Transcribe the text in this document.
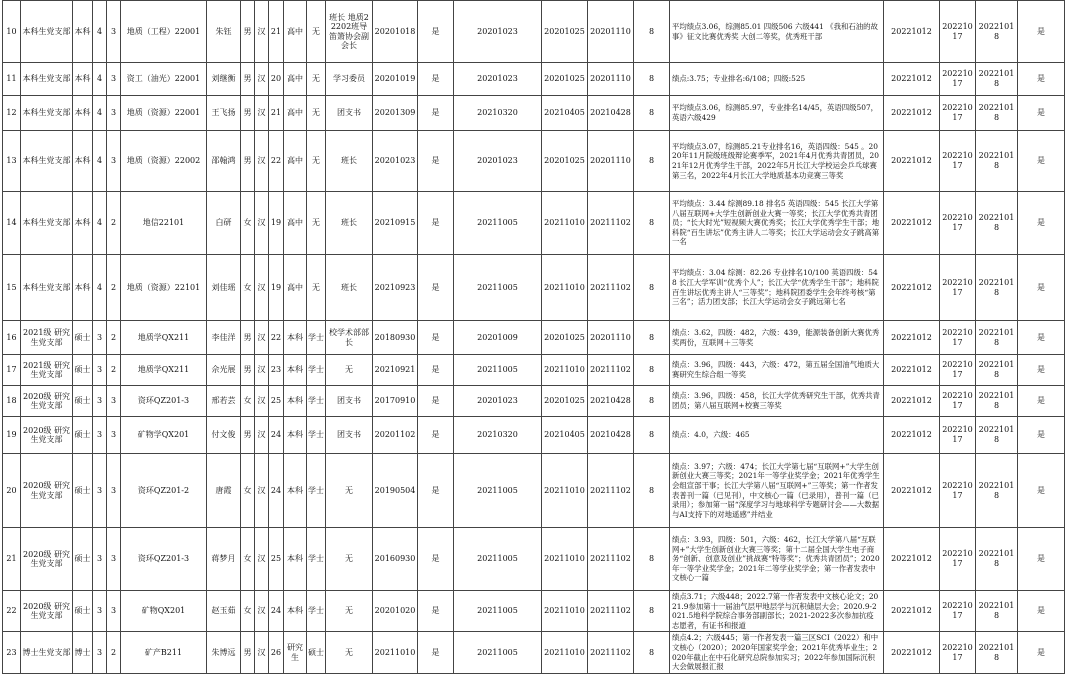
10	本科生党支部	本科	4	3	地质（工程）22001	朱钰	男	汉	21	高中	无	班长 地质22202班导 笛箫协会副会长	20201018	是	20201023	20201025	20201110	8	平均绩点3.06，综测85.01 四级506 六级441 《我和石油的故事》征文比赛优秀奖 大创二等奖，优秀班干部	20221012	20221017	20221018	是
11	本科生党支部	本科	4	3	资工（油光）22001	刘继衡	男	汉	20	高中	无	学习委员	20201019	是	20201023	20201025	20201110	8	绩点:3.75；专业排名:6/108；四级:525	20221012	20221017	20221018	是
12	本科生党支部	本科	4	3	地质（资源）22001	王飞扬	男	汉	21	高中	无	团支书	20201309	是	20210320	20210405	20210428	8	平均绩点3.06，综测85.97，专业排名14/45，英语四级507，英语六级429	20221012	20221017	20221018	是
13	本科生党支部	本科	4	3	地质（资源）22002	邵翰鸿	男	汉	22	高中	无	班长	20201023	是	20201023	20201025	20201110	8	平均绩点3.07，综测85.21专业排名16，英语四级：545 。2020年11月院级班级辩论赛季军，2021年4月优秀共青团员，2021年12月优秀学生干部，2022年5月长江大学校运会乒乓球赛第三名，2022年4月长江大学地质基本功竞赛三等奖	20221012	20221017	20221018	是
14	本科生党支部	本科	4	2	地信22101	白研	女	汉	19	高中	无	班长	20210915	是	20211005	20211010	20211102	8	平均绩点：3.44 综测89.18 排名5 英语四级：545 长江大学第八届互联网+大学生创新创业大赛一等奖；长江大学优秀共青团员；“长大时光”短视频大赛优秀奖；长江大学优秀学生干部；地科院“百生讲坛”优秀主讲人二等奖；长江大学运动会女子跳高第一名	20221012	20221017	20221018	是
15	本科生党支部	本科	4	2	地质（资源）22101	刘佳瑶	女	汉	19	高中	无	班长	20210923	是	20211005	20211010	20211102	8	平均绩点：3.04 综测：82.26 专业排名10/100 英语四级：548 长江大学军训“优秀个人”；长江大学“优秀学生干部”；地科院百生讲坛优秀主讲人“三等奖”；地科院团委学生会年终考核“第三名”；活力团支部；长江大学运动会女子跳远第七名	20221012	20221017	20221018	是
16	2021级 研究生党支部	硕士	3	2	地质学QX211	李佳洋	男	汉	22	本科	学士	校学术部部长	20180930	是	20201009	20201025	20201110	8	绩点：3.62，四级：482，六级：439，能源装备创新大赛优秀奖两份，互联网＋三等奖	20221012	20221017	20221018	是
17	2021级 研究生党支部	硕士	3	2	地质学QX211	佘光展	男	汉	23	本科	学士	无	20210921	是	20211005	20211010	20211102	8	绩点：3.96，四级：443，六级：472，第五届全国油气地质大赛研究生综合组一等奖	20221012	20221017	20221018	是
18	2020级 研究生党支部	硕士	3	3	资环QZ201-3	邢若芸	女	汉	25	本科	学士	团支书	20170910	是	20201023	20201025	20210428	8	绩点：3.96，四级：458，长江大学优秀研究生干部，优秀共青团员；第八届互联网+校赛三等奖	20221012	20221017	20221018	是
19	2020级 研究生党支部	硕士	3	3	矿物学QX201	付文俊	男	汉	24	本科	学士	团支书	20201102	是	20210320	20210405	20210428	8	绩点：4.0，六级：465	20221012	20221017	20221018	是
20	2020级 研究生党支部	硕士	3	3	资环QZ201-2	唐霞	女	汉	24	本科	学士	无	20190504	是	20211005	20211010	20211102	8	绩点：3.97；六级：474；长江大学第七届“互联网+”大学生创新创业大赛三等奖；2021年一等学业奖学金；2021年优秀学生会组宣部干事；长江大学第八届“互联网+”三等奖；第一作者发表普刊一篇（已见刊），中文核心一篇（已录用），普刊一篇（已录用）；参加第一届“深度学习与地球科学专题研讨会——大数据与AI支持下的对地遥感”并结业	20221012	20221017	20221018	是
21	2020级 研究生党支部	硕士	3	3	资环QZ201-3	蒋梦月	女	汉	25	本科	学士	无	20160930	是	20211005	20211010	20211102	8	绩点：3.93，四级：501，六级：462，长江大学第八届“互联网+”大学生创新创业大赛三等奖；第十二届全国大学生电子商务“创新、创意及创业”挑战赛“特等奖”；优秀共青团员”；2020年一等学业奖学金；2021年二等学业奖学金；第一作者发表中文核心一篇	20221012	20221017	20221018	是
22	2020级 研究生党支部	硕士	3	3	矿物QX201	赵玉茹	女	汉	24	本科	学士	无	20201020	是	20211005	20211010	20211102	8	绩点3.71；六级448；2022.7第一作者发表中文核心论文；2021.9参加第十一届油气层甲地层学与沉积储层大会；2020.9-2021.5地科学院综合事务部副部长；2021-2022多次参加抗疫志愿者，有证书和报道	20221012	20221017	20221018	是
23	博士生党支部	博士	3	2	矿产B211	朱博远	男	汉	26	研究生	硕士	无	20211010	是	20211005	20211010	20211102	8	绩点4.2；六级445；第一作者发表一篇三区SCI（2022）和中文核心（2020）；2020年国家奖学金；2021年优秀毕业生；2020年截止在中石化研究总院参加实习；2022年参加国际沉积大会做展报汇报	20221012	20221017	20221018	是
